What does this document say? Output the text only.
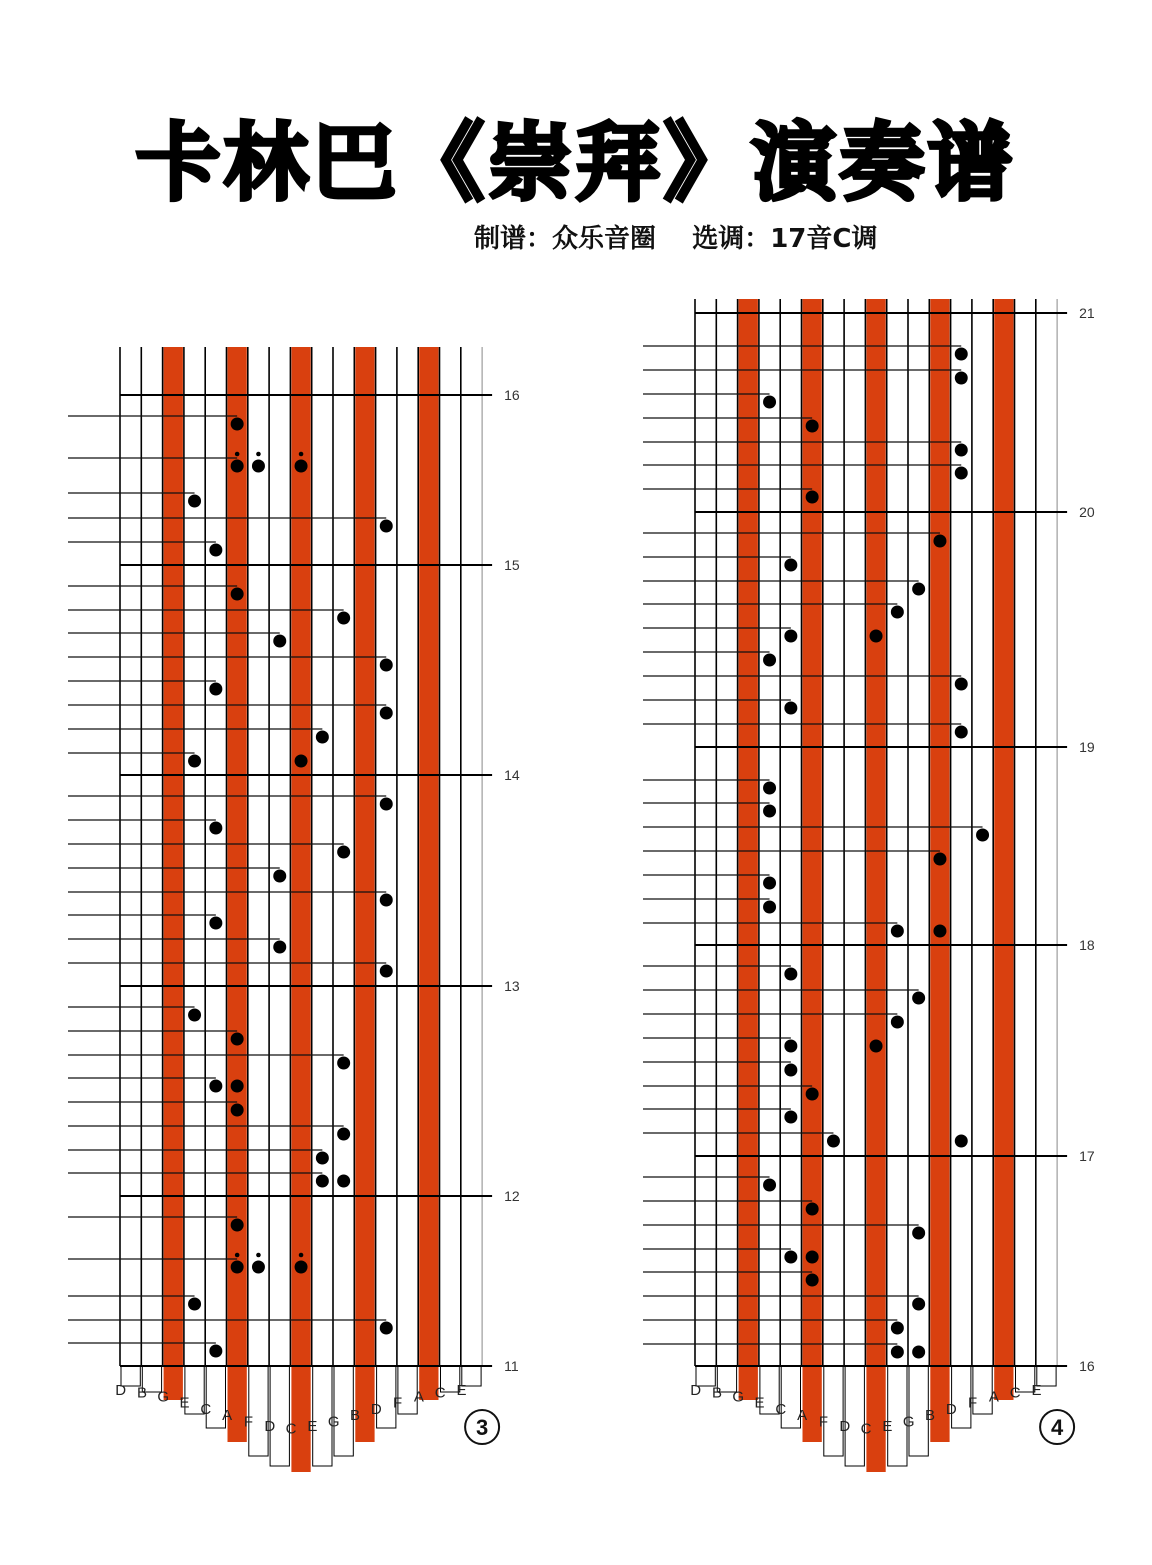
卡林巴《崇拜》演奏谱
制谱：众乐音圈    选调：17音C调
D B G E C A F D C E G B D F A C E
16
15
14
13
12
11
3
D B G E C A F D C E G B D F A C E
21
20
19
18
17
16
4
